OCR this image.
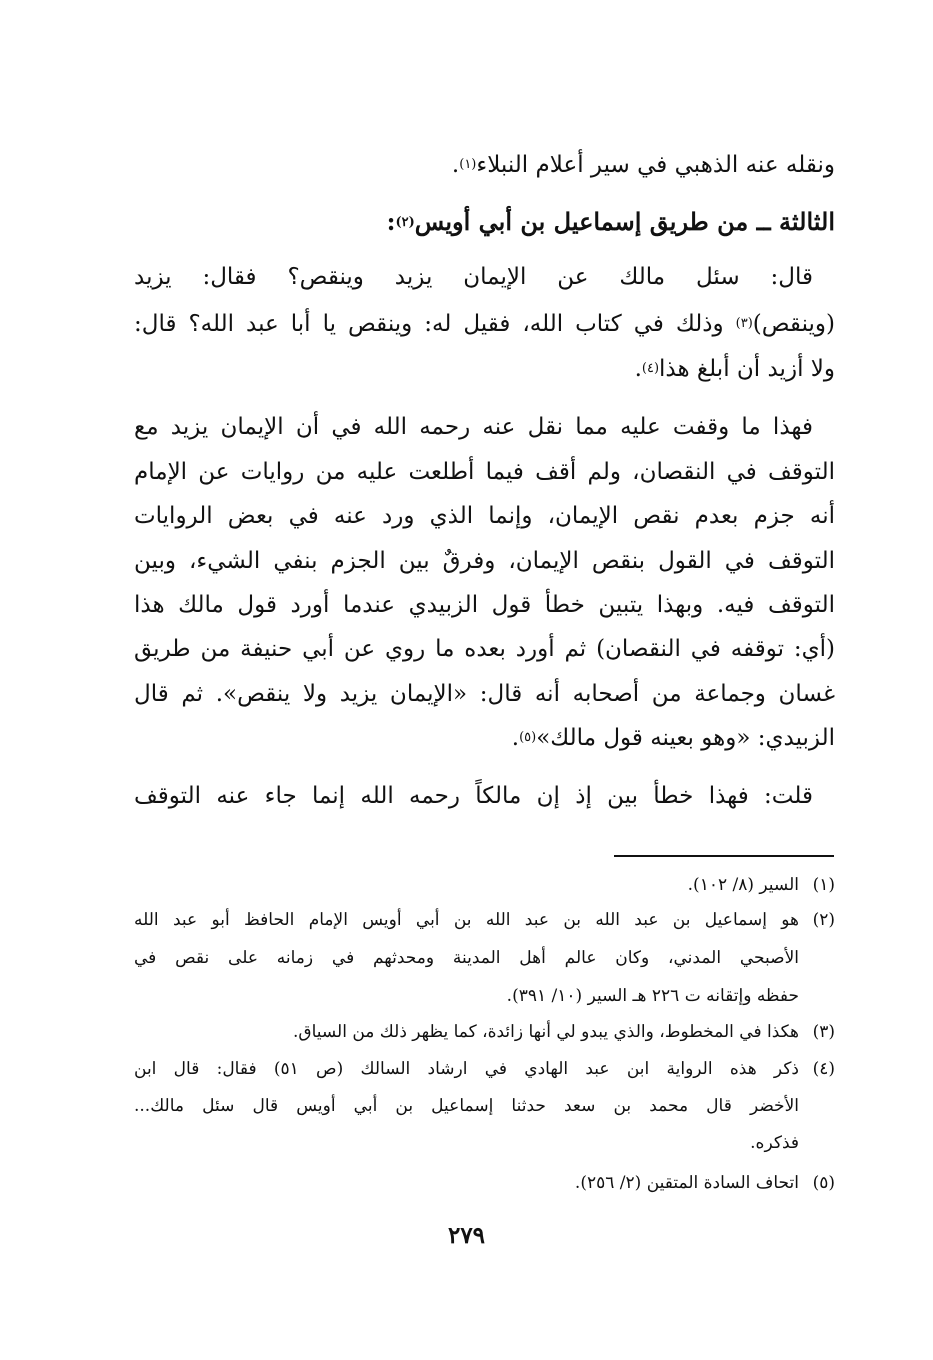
ونقله عنه الذهبي في سير أعلام النبلاء$^{(١)}$.
الثالثة ــ من طريق إسماعيل بن أبي أويس$^{(٢)}$:
قال: سئل مالك عن الإيمان يزيد وينقص؟ فقال: يزيد
(وينقص)$^{(٣)}$ وذلك في كتاب الله، فقيل له: وينقص يا أبا عبد الله؟ قال:
ولا أزيد أن أبلغ هذا$^{(٤)}$.
فهذا ما وقفت عليه مما نقل عنه رحمه الله في أن الإيمان يزيد مع
التوقف في النقصان، ولم أقف فيما أطلعت عليه من روايات عن الإمام
أنه جزم بعدم نقص الإيمان، وإنما الذي ورد عنه في بعض الروايات
التوقف في القول بنقص الإيمان، وفرقٌ بين الجزم بنفي الشيء، وبين
التوقف فيه. وبهذا يتبين خطأ قول الزبيدي عندما أورد قول مالك هذا
(أي: توقفه في النقصان) ثم أورد بعده ما روي عن أبي حنيفة من طريق
غسان وجماعة من أصحابه أنه قال: «الإيمان يزيد ولا ينقص». ثم قال
الزبيدي: «وهو بعينه قول مالك»$^{(٥)}$.
قلت: فهذا خطأ بين إذ إن مالكاً رحمه الله إنما جاء عنه التوقف
(١)
السير (٨/ ١٠٢).
(٢)
هو إسماعيل بن عبد الله بن عبد الله بن أبي أويس الإمام الحافظ أبو عبد الله
الأصبحي المدني، وكان عالم أهل المدينة ومحدثهم في زمانه على نقص في
حفظه وإتقانه ت ٢٢٦ هـ السير (١٠/ ٣٩١).
(٣)
هكذا في المخطوط، والذي يبدو لي أنها زائدة، كما يظهر ذلك من السياق.
(٤)
ذكر هذه الرواية ابن عبد الهادي في ارشاد السالك (ص ٥١) فقال: قال ابن
الأخضر قال محمد بن سعد حدثنا إسماعيل بن أبي أويس قال سئل مالك...
فذكره.
(٥)
اتحاف السادة المتقين (٢/ ٢٥٦).
٢٧٩
